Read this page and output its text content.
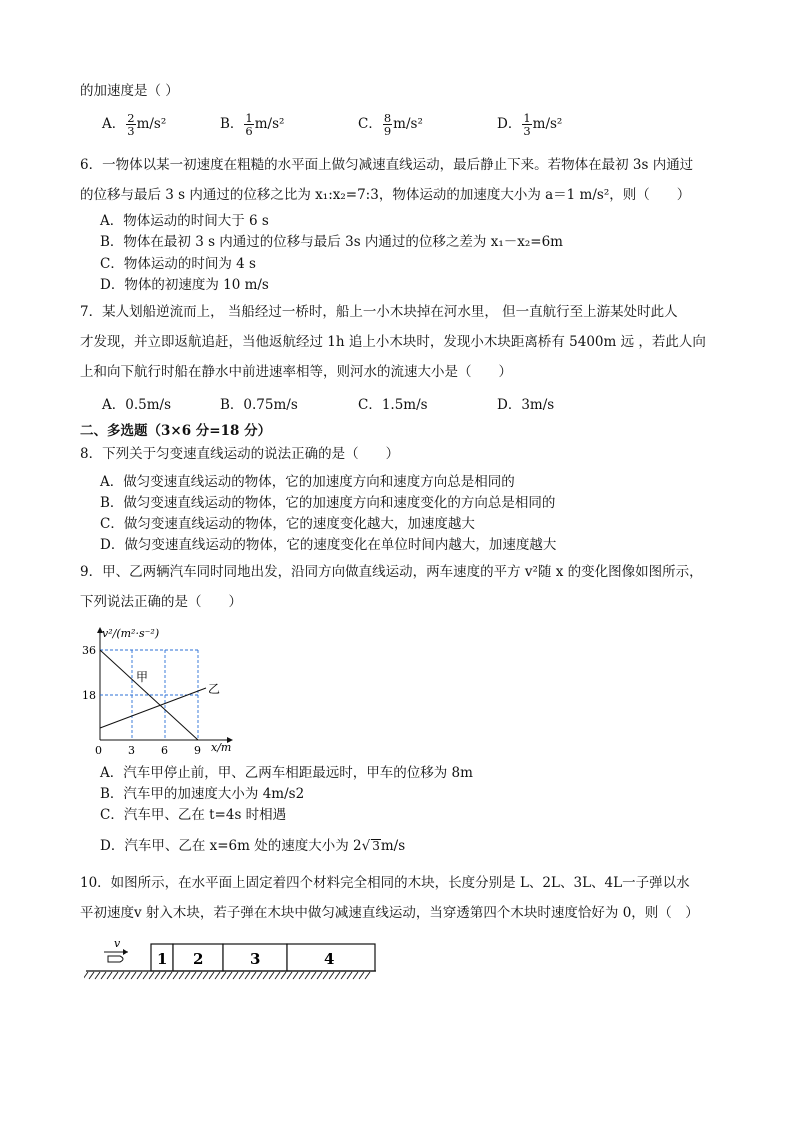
的加速度是（ ）
A． $\frac{2}{3} m/s^2$	B． $\frac{1}{6} m/s^2$	C． $\frac{8}{9} m/s^2$	D． $\frac{1}{3} m/s^2$
6．一物体以某一初速度在粗糙的水平面上做匀减速直线运动，最后静止下来。若物体在最初 3s 内通过
的位移与最后 3 s 内通过的位移之比为 x₁:x₂=7:3，物体运动的加速度大小为 a＝1 m/s²，则（　　）
A．物体运动的时间大于 6 s
B．物体在最初 3 s 内通过的位移与最后 3s 内通过的位移之差为 x₁－x₂=6m
C．物体运动的时间为 4 s
D．物体的初速度为 10 m/s
7．某人划船逆流而上， 当船经过一桥时，船上一小木块掉在河水里， 但一直航行至上游某处时此人
才发现，并立即返航追赶，当他返航经过 1h 追上小木块时，发现小木块距离桥有 5400m 远 ，若此人向
上和向下航行时船在静水中前进速率相等，则河水的流速大小是（　　）
A．0.5m/s	B．0.75m/s	C．1.5m/s	D．3m/s
二、多选题（3×6 分=18 分）
8．下列关于匀变速直线运动的说法正确的是（　　）
A．做匀变速直线运动的物体，它的加速度方向和速度方向总是相同的
B．做匀变速直线运动的物体，它的加速度方向和速度变化的方向总是相同的
C．做匀变速直线运动的物体，它的速度变化越大，加速度越大
D．做匀变速直线运动的物体，它的速度变化在单位时间内越大，加速度越大
9．甲、乙两辆汽车同时同地出发，沿同方向做直线运动，两车速度的平方 v²随 x 的变化图像如图所示，
下列说法正确的是（　　）
v²/(m²·s⁻²)
36
18
0 3 6 9 x/m
甲
乙
A．汽车甲停止前，甲、乙两车相距最远时，甲车的位移为 8m
B．汽车甲的加速度大小为 4m/s2
C．汽车甲、乙在 t=4s 时相遇
D．汽车甲、乙在 x=6m 处的速度大小为 2√ 3m/s
10．如图所示，在水平面上固定着四个材料完全相同的木块，长度分别是 L、2L、3L、4L一子弹以水
平初速度v 射入木块，若子弹在木块中做匀减速直线运动，当穿透第四个木块时速度恰好为 0，则（　）
v
1 2	3	4
